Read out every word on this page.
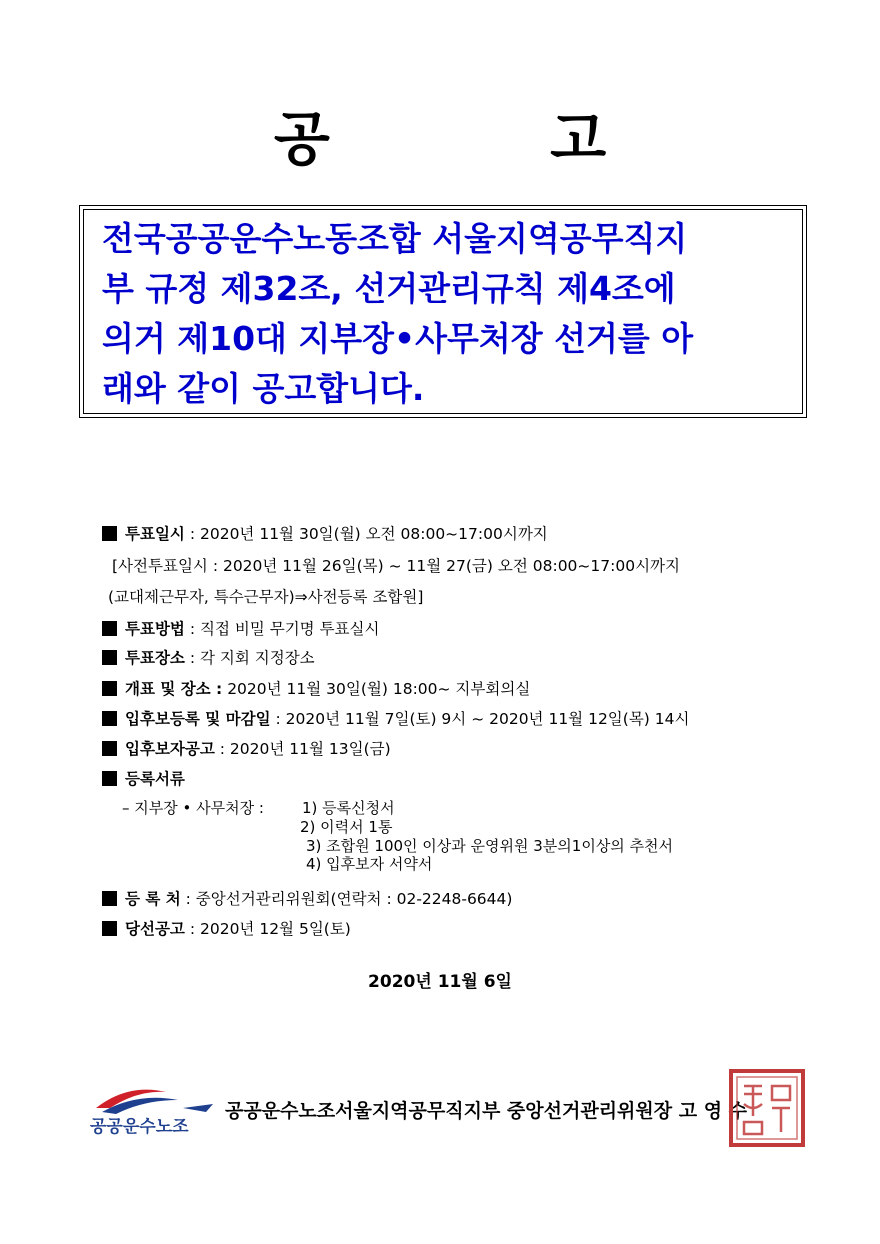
공 고
전국공공운수노동조합 서울지역공무직지
부 규정 제32조, 선거관리규칙 제4조에
의거 제10대 지부장•사무처장 선거를 아
래와 같이 공고합니다.
투표일시 : 2020년 11월 30일(월) 오전 08:00~17:00시까지
[사전투표일시 : 2020년 11월 26일(목) ~ 11월 27(금) 오전 08:00~17:00시까지
(교대제근무자, 특수근무자)⇒사전등록 조합원]
투표방법 : 직접 비밀 무기명 투표실시
투표장소 : 각 지회 지정장소
개표 및 장소 : 2020년 11월 30일(월) 18:00~ 지부회의실
입후보등록 및 마감일 : 2020년 11월 7일(토) 9시 ~ 2020년 11월 12일(목) 14시
입후보자공고 : 2020년 11월 13일(금)
등록서류
– 지부장 • 사무처장 :	1) 등록신청서
2) 이력서 1통
3) 조합원 100인 이상과 운영위원 3분의1이상의 추천서
4) 입후보자 서약서
등 록 처 : 중앙선거관리위원회(연락처 : 02-2248-6644)
당선공고 : 2020년 12월 5일(토)
2020년 11월 6일
공공운수노조
공공운수노조서울지역공무직지부 중앙선거관리위원장 고 영 수
